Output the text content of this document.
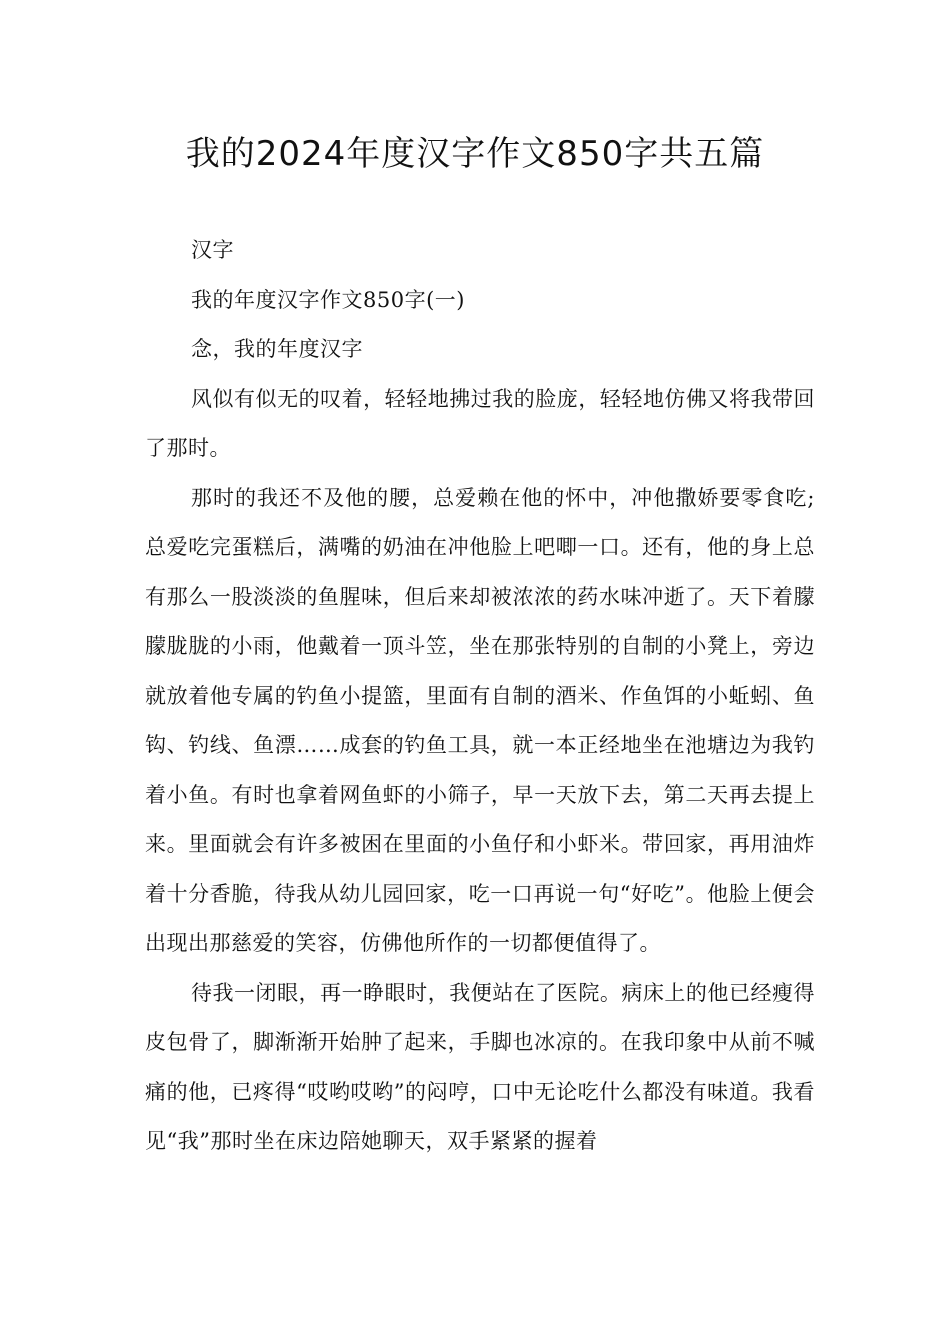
我的2024年度汉字作文850字共五篇

汉字

我的年度汉字作文850字(一)

念，我的年度汉字

风似有似无的叹着，轻轻地拂过我的脸庞，轻轻地仿佛又将我带回了那时。

那时的我还不及他的腰，总爱赖在他的怀中，冲他撒娇要零食吃;总爱吃完蛋糕后，满嘴的奶油在冲他脸上吧唧一口。还有，他的身上总有那么一股淡淡的鱼腥味，但后来却被浓浓的药水味冲逝了。天下着朦朦胧胧的小雨，他戴着一顶斗笠，坐在那张特别的自制的小凳上，旁边就放着他专属的钓鱼小提篮，里面有自制的酒米、作鱼饵的小蚯蚓、鱼钩、钓线、鱼漂……成套的钓鱼工具，就一本正经地坐在池塘边为我钓着小鱼。有时也拿着网鱼虾的小筛子，早一天放下去，第二天再去提上来。里面就会有许多被困在里面的小鱼仔和小虾米。带回家，再用油炸着十分香脆，待我从幼儿园回家，吃一口再说一句“好吃”。他脸上便会出现出那慈爱的笑容，仿佛他所作的一切都便值得了。

待我一闭眼，再一睁眼时，我便站在了医院。病床上的他已经瘦得皮包骨了，脚渐渐开始肿了起来，手脚也冰凉的。在我印象中从前不喊痛的他，已疼得“哎哟哎哟”的闷哼，口中无论吃什么都没有味道。我看见“我”那时坐在床边陪她聊天，双手紧紧的握着
